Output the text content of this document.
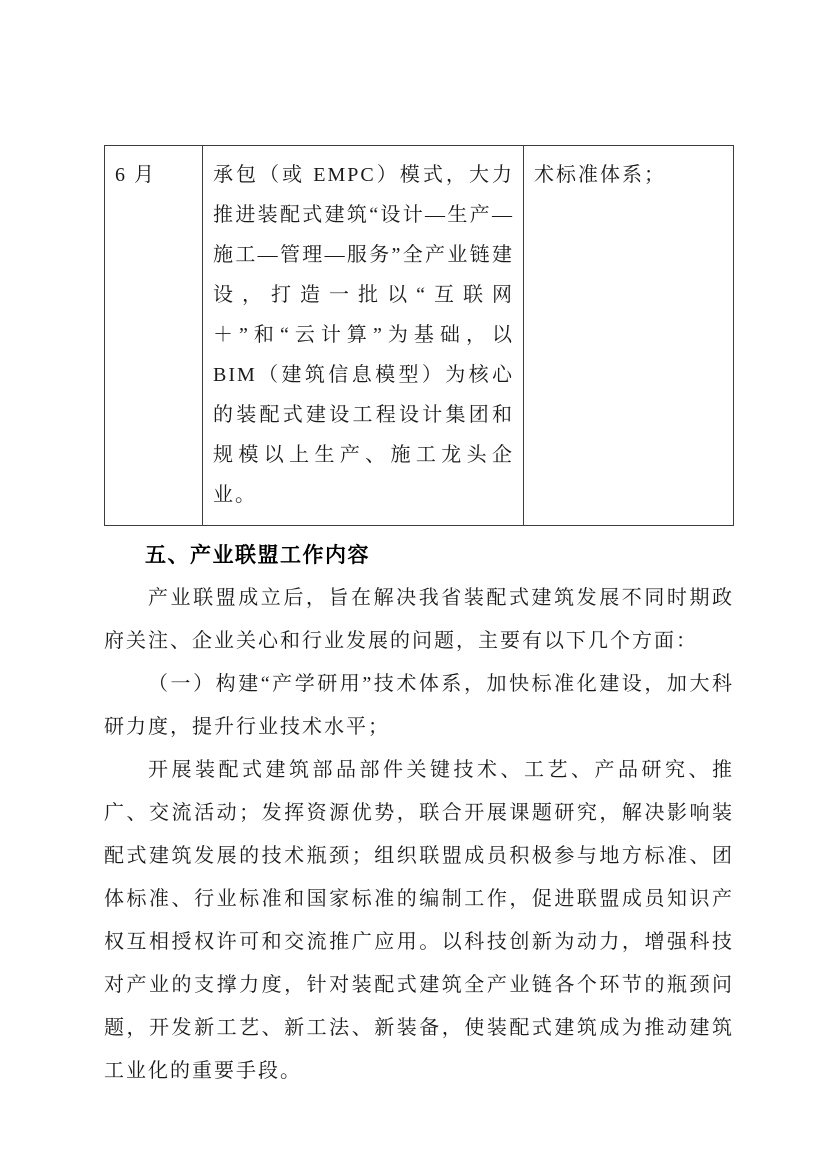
6 月	承包（或 EMPC）模式，大力推进装配式建筑“设计—生产—施工—管理—服务”全产业链建设，打造一批以“互联网＋”和“云计算”为基础，以 BIM（建筑信息模型）为核心的装配式建设工程设计集团和规模以上生产、施工龙头企业。	术标准体系；
五、产业联盟工作内容

产业联盟成立后，旨在解决我省装配式建筑发展不同时期政府关注、企业关心和行业发展的问题，主要有以下几个方面：

（一）构建“产学研用”技术体系，加快标准化建设，加大科研力度，提升行业技术水平；

开展装配式建筑部品部件关键技术、工艺、产品研究、推广、交流活动；发挥资源优势，联合开展课题研究，解决影响装配式建筑发展的技术瓶颈；组织联盟成员积极参与地方标准、团体标准、行业标准和国家标准的编制工作，促进联盟成员知识产权互相授权许可和交流推广应用。以科技创新为动力，增强科技对产业的支撑力度，针对装配式建筑全产业链各个环节的瓶颈问题，开发新工艺、新工法、新装备，使装配式建筑成为推动建筑工业化的重要手段。
